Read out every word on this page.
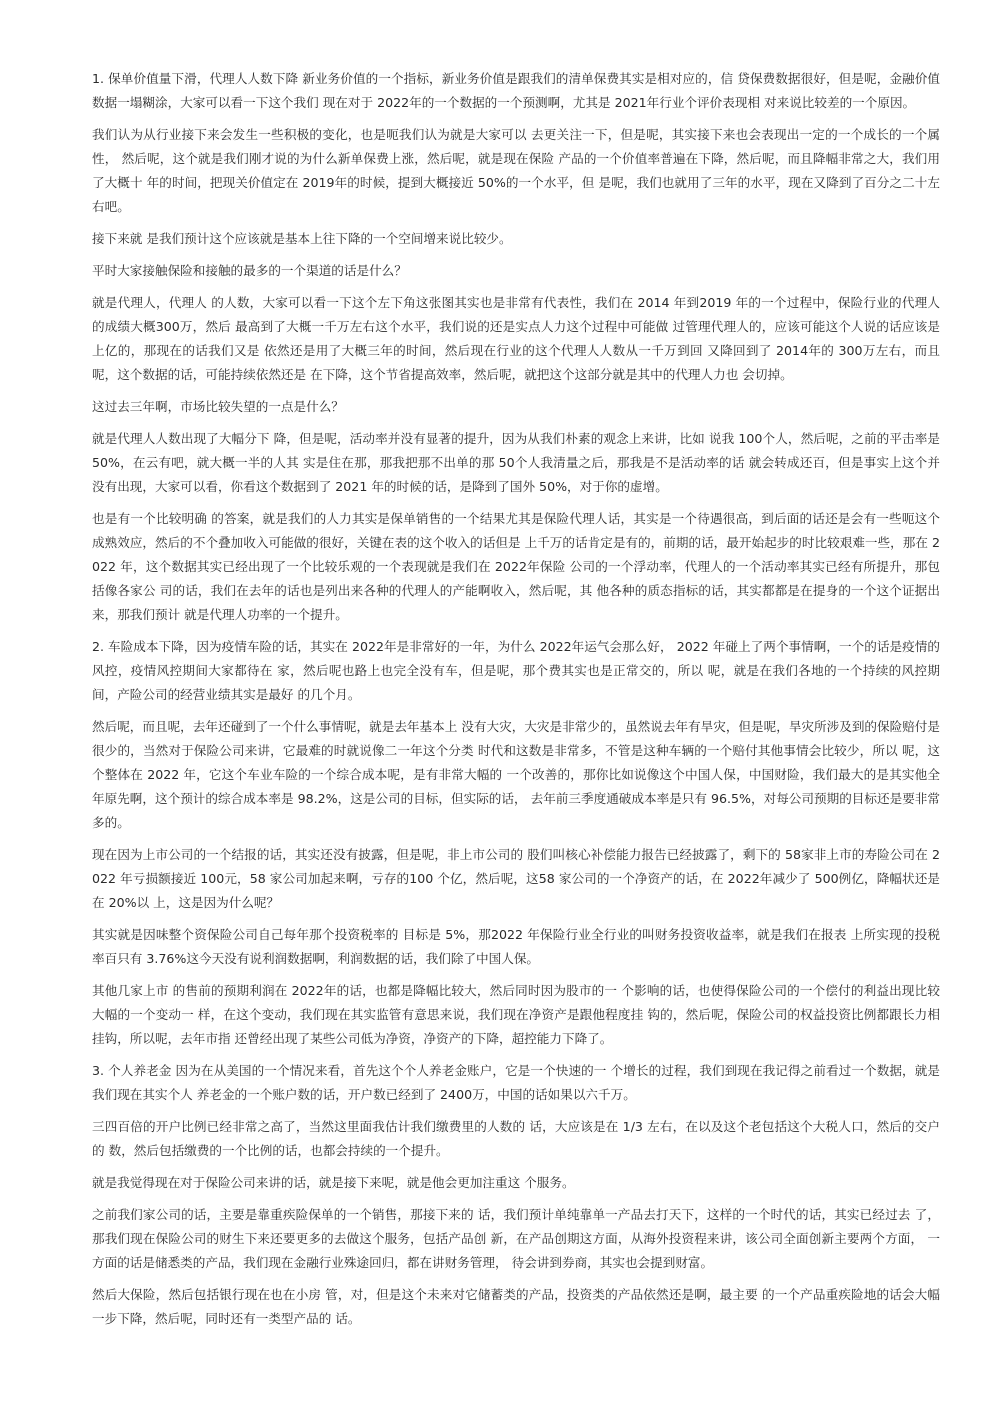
1. 保单价值量下滑，代理人人数下降 新业务价值的一个指标，新业务价值是跟我们的清单保费其实是相对应的，信 贷保费数据很好，但是呢，金融价值数据一塌糊涂，大家可以看一下这个我们 现在对于 2022年的一个数据的一个预测啊，尤其是 2021年行业个评价表现相 对来说比较差的一个原因。

我们认为从行业接下来会发生一些积极的变化，也是呃我们认为就是大家可以 去更关注一下，但是呢，其实接下来也会表现出一定的一个成长的一个属性， 然后呢，这个就是我们刚才说的为什么新单保费上涨，然后呢，就是现在保险 产品的一个价值率普遍在下降，然后呢，而且降幅非常之大，我们用了大概十 年的时间，把现关价值定在 2019年的时候，提到大概接近 50%的一个水平，但 是呢，我们也就用了三年的水平，现在又降到了百分之二十左右吧。

接下来就 是我们预计这个应该就是基本上往下降的一个空间增来说比较少。

平时大家接触保险和接触的最多的一个渠道的话是什么？

就是代理人，代理人 的人数，大家可以看一下这个左下角这张图其实也是非常有代表性，我们在 2014 年到2019 年的一个过程中，保险行业的代理人的成绩大概300万，然后 最高到了大概一千万左右这个水平，我们说的还是实点人力这个过程中可能做 过管理代理人的，应该可能这个人说的话应该是上亿的，那现在的话我们又是 依然还是用了大概三年的时间，然后现在行业的这个代理人人数从一千万到回 又降回到了 2014年的 300万左右，而且呢，这个数据的话，可能持续依然还是 在下降，这个节省提高效率，然后呢，就把这个这部分就是其中的代理人力也 会切掉。

这过去三年啊，市场比较失望的一点是什么？

就是代理人人数出现了大幅分下 降，但是呢，活动率并没有显著的提升，因为从我们朴素的观念上来讲，比如 说我 100个人，然后呢，之前的平击率是 50%，在云有吧，就大概一半的人其 实是住在那，那我把那不出单的那 50个人我清量之后，那我是不是活动率的话 就会转成还百，但是事实上这个并没有出现，大家可以看，你看这个数据到了 2021 年的时候的话，是降到了国外 50%，对于你的虚增。

也是有一个比较明确 的答案，就是我们的人力其实是保单销售的一个结果尤其是保险代理人话，其实是一个待遇很高，到后面的话还是会有一些呃这个 成熟效应，然后的不个叠加收入可能做的很好，关键在表的这个收入的话但是 上千万的话肯定是有的，前期的话，最开始起步的时比较艰难一些，那在 2022 年，这个数据其实已经出现了一个比较乐观的一个表现就是我们在 2022年保险 公司的一个浮动率，代理人的一个活动率其实已经有所提升，那包括像各家公 司的话，我们在去年的话也是列出来各种的代理人的产能啊收入，然后呢，其 他各种的质态指标的话，其实都都是在提身的一个这个证据出来，那我们预计 就是代理人功率的一个提升。

2. 车险成本下降，因为疫情车险的话，其实在 2022年是非常好的一年，为什么 2022年运气会那么好， 2022 年碰上了两个事情啊，一个的话是疫情的风控，疫情风控期间大家都待在 家，然后呢也路上也完全没有车，但是呢，那个费其实也是正常交的，所以 呢，就是在我们各地的一个持续的风控期间，产险公司的经营业绩其实是最好 的几个月。

然后呢，而且呢，去年还碰到了一个什么事情呢，就是去年基本上 没有大灾，大灾是非常少的，虽然说去年有旱灾，但是呢，旱灾所涉及到的保险赔付是很少的，当然对于保险公司来讲，它最难的时就说像二一年这个分类 时代和这数是非常多，不管是这种车辆的一个赔付其他事情会比较少，所以 呢，这个整体在 2022 年，它这个车业车险的一个综合成本呢，是有非常大幅的 一个改善的，那你比如说像这个中国人保，中国财险，我们最大的是其实他全 年原先啊，这个预计的综合成本率是 98.2%，这是公司的目标，但实际的话， 去年前三季度通破成本率是只有 96.5%，对每公司预期的目标还是要非常多的。

现在因为上市公司的一个结报的话，其实还没有披露，但是呢，非上市公司的 股们叫核心补偿能力报告已经披露了，剩下的 58家非上市的寿险公司在 2022 年亏损额接近 100元，58 家公司加起来啊，亏存的100 个亿，然后呢，这58 家公司的一个净资产的话，在 2022年减少了 500例亿，降幅状还是在 20%以 上，这是因为什么呢？

其实就是因味整个资保险公司自己每年那个投资税率的 目标是 5%，那2022 年保险行业全行业的叫财务投资收益率，就是我们在报表 上所实现的投税率百只有 3.76%这今天没有说利润数据啊，利润数据的话，我们除了中国人保。

其他几家上市 的售前的预期利润在 2022年的话，也都是降幅比较大，然后同时因为股市的一 个影响的话，也使得保险公司的一个偿付的利益出现比较大幅的一个变动一 样，在这个变动，我们现在其实监管有意思来说，我们现在净资产是跟他程度挂 钩的，然后呢，保险公司的权益投资比例都跟长力相挂钩，所以呢，去年市指 还曾经出现了某些公司低为净资，净资产的下降，超控能力下降了。

3. 个人养老金 因为在从美国的一个情况来看，首先这个个人养老金账户，它是一个快速的一 个增长的过程，我们到现在我记得之前看过一个数据，就是我们现在其实个人 养老金的一个账户数的话，开户数已经到了 2400万，中国的话如果以六千万。

三四百倍的开户比例已经非常之高了，当然这里面我估计我们缴费里的人数的 话，大应该是在 1/3 左右，在以及这个老包括这个大税人口，然后的交户的 数，然后包括缴费的一个比例的话，也都会持续的一个提升。

就是我觉得现在对于保险公司来讲的话，就是接下来呢，就是他会更加注重这 个服务。

之前我们家公司的话，主要是靠重疾险保单的一个销售，那接下来的 话，我们预计单纯靠单一产品去打天下，这样的一个时代的话，其实已经过去 了，那我们现在保险公司的财生下来还要更多的去做这个服务，包括产品创 新，在产品创期这方面，从海外投资程来讲，该公司全面创新主要两个方面， 一方面的话是储悉类的产品，我们现在金融行业殊途回归，都在讲财务管理， 待会讲到券商，其实也会提到财富。

然后大保险，然后包括银行现在也在小房 管，对，但是这个未来对它储蓄类的产品，投资类的产品依然还是啊，最主要 的一个产品重疾险地的话会大幅一步下降，然后呢，同时还有一类型产品的 话。
